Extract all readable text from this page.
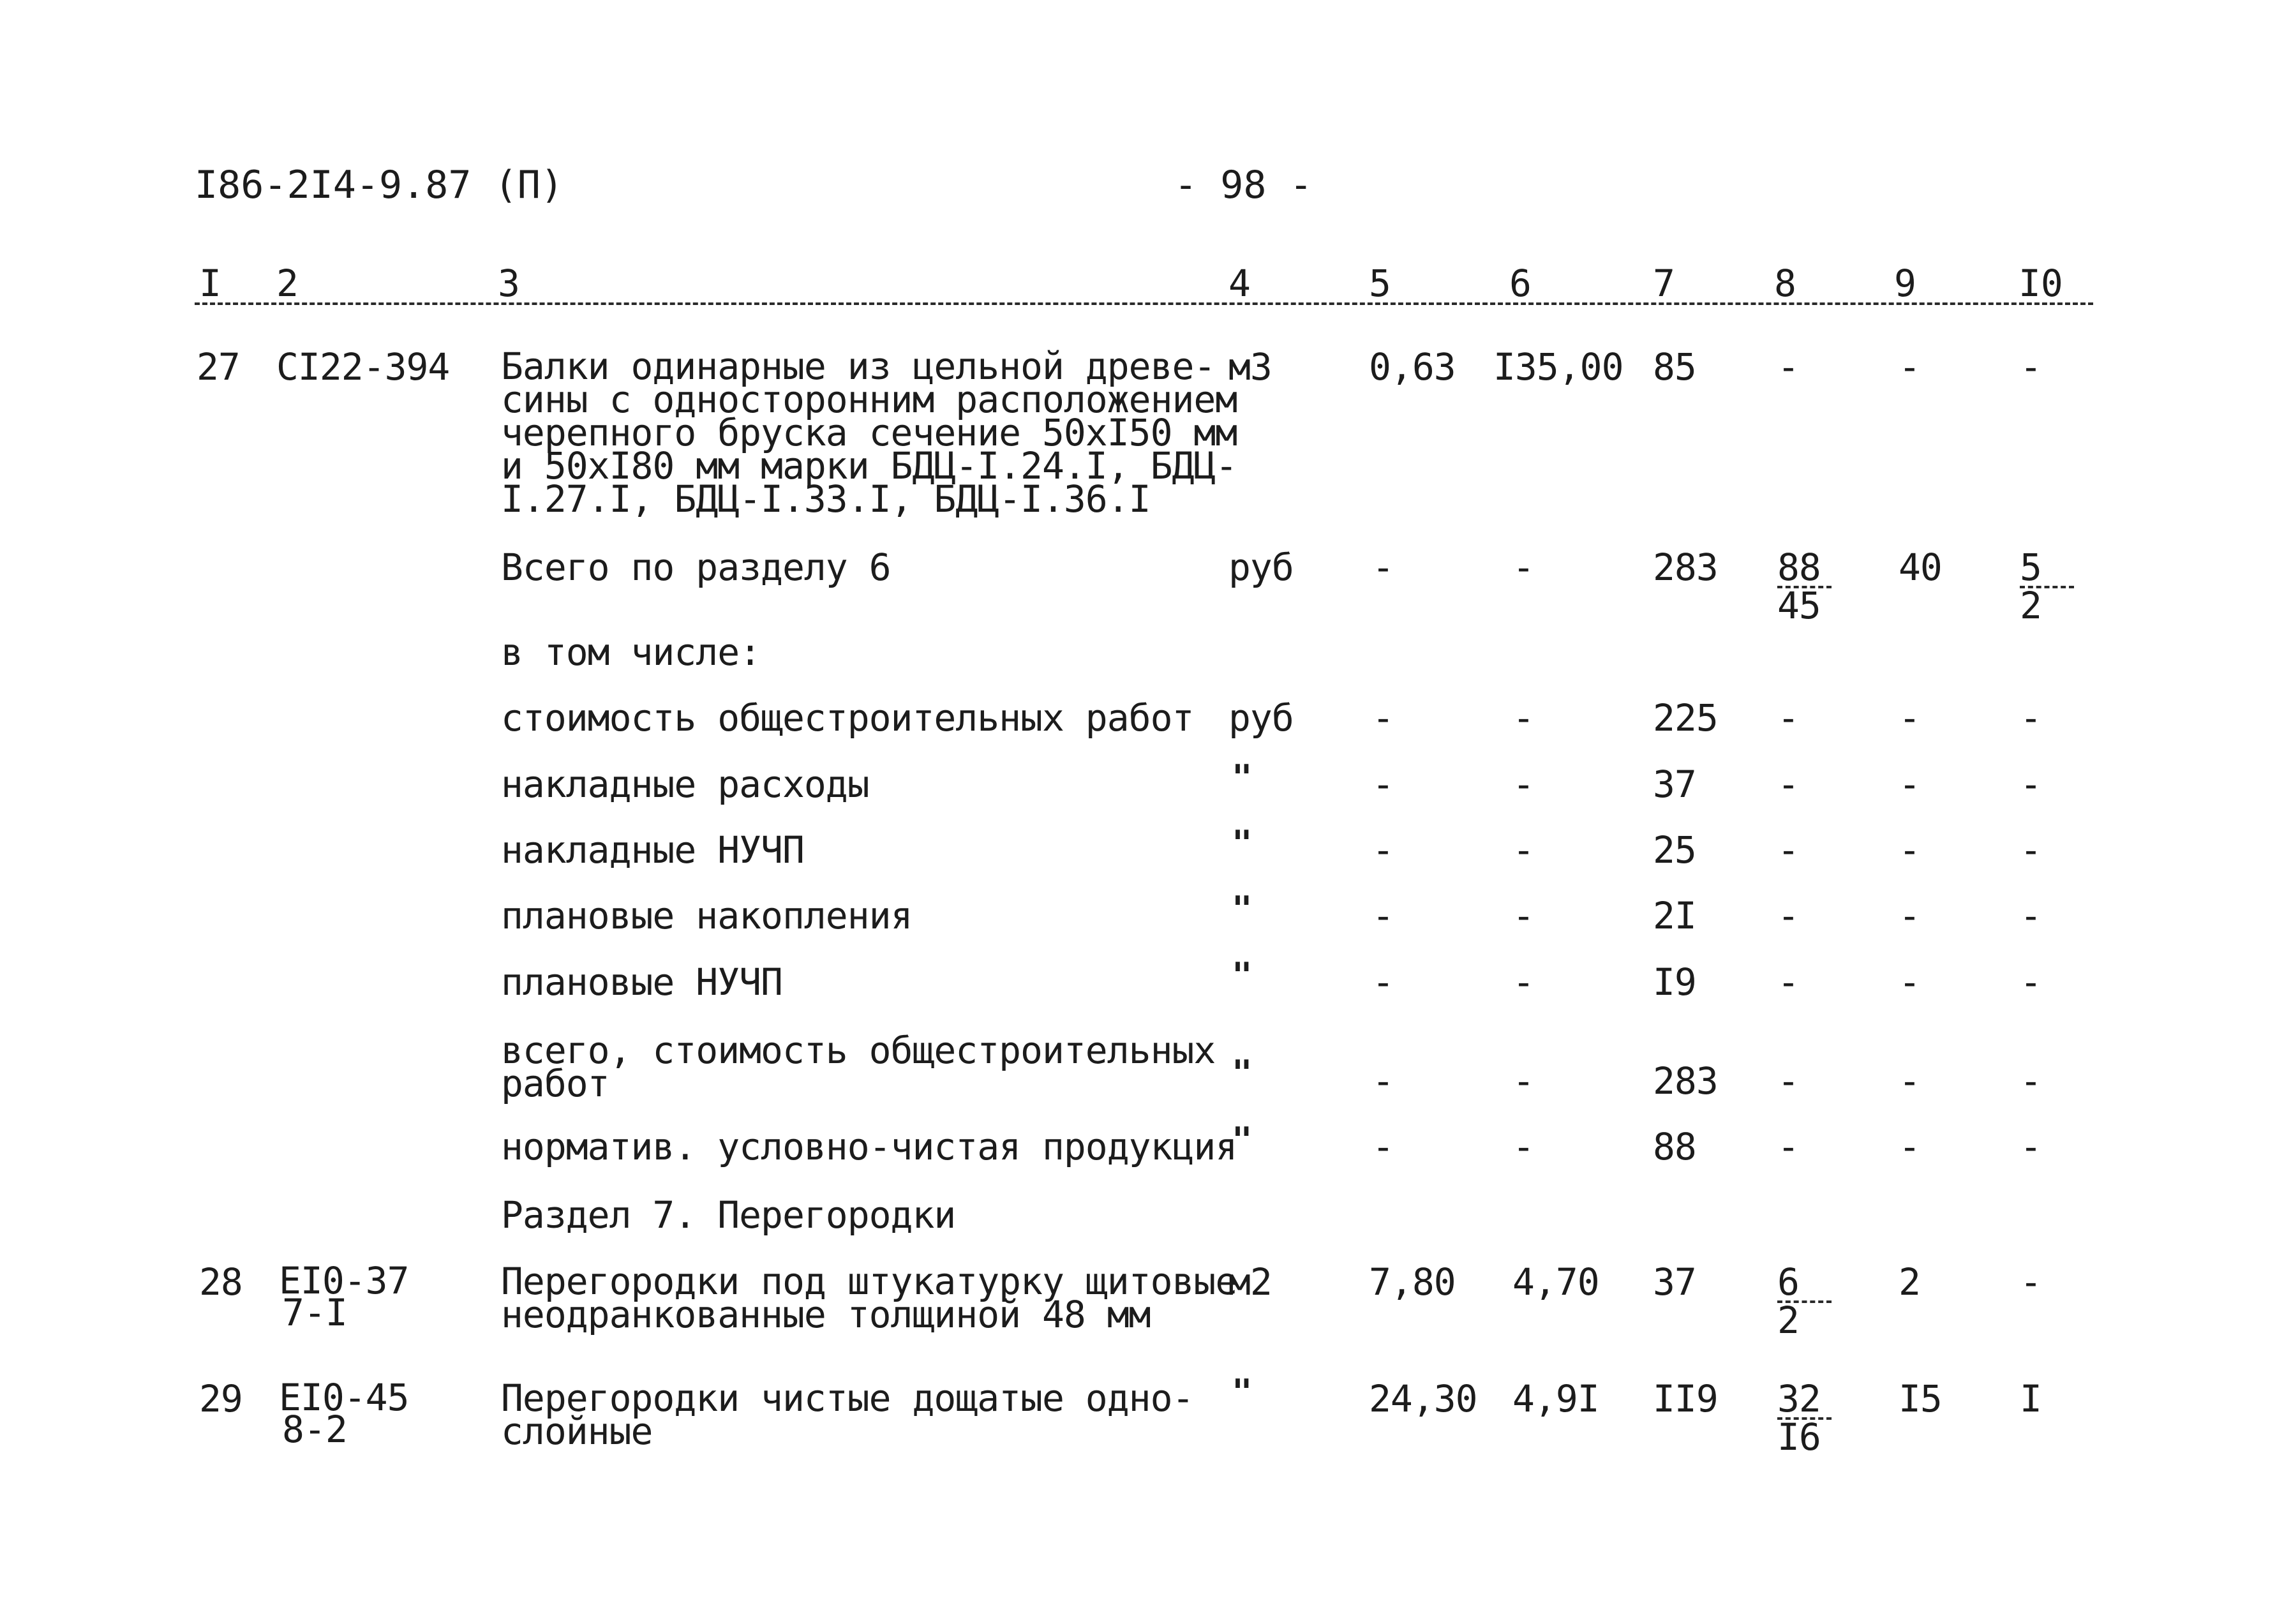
I86-2I4-9.87 (П)	- 98 -
I 2	3	4	5	6	7	8	9	I0
27 CI22-394 Балки одинарные из цельной древе-
сины с односторонним расположением
черепного бруска сечение 50xI50 мм
и 50xI80 мм марки БДЦ-I.24.I, БДЦ-
I.27.I, БДЦ-I.33.I, БДЦ-I.36.I
м3	0,63 I35,00 85 -	-	-
Всего по разделу 6	руб -	-	283 88
45
40 5
2
в том числе:
стоимость общестроительных работ руб -	-	225 -	-	-
накладные расходы	"	-	-	37 -	-	-
накладные НУЧП	"	-	-	25 -	-	-
плановые накопления	"	-	-	2I -	-	-
плановые НУЧП	"	-	-	I9 -	-	-
всего, стоимость общестроительных
работ	"	-	-	283 -	-	-
норматив. условно-чистая продукция
"	-	-	88 -	-	-
Раздел 7. Перегородки
28 EI0-37
7-I
Перегородки под штукатурку щитовые
неодранкованные толщиной 48 мм
м2	7,80 4,70 37 6
2
2	-
29 EI0-45
8-2
Перегородки чистые дощатые одно-
слойные
"	24,30 4,9I II9 32
I6
I5 I
